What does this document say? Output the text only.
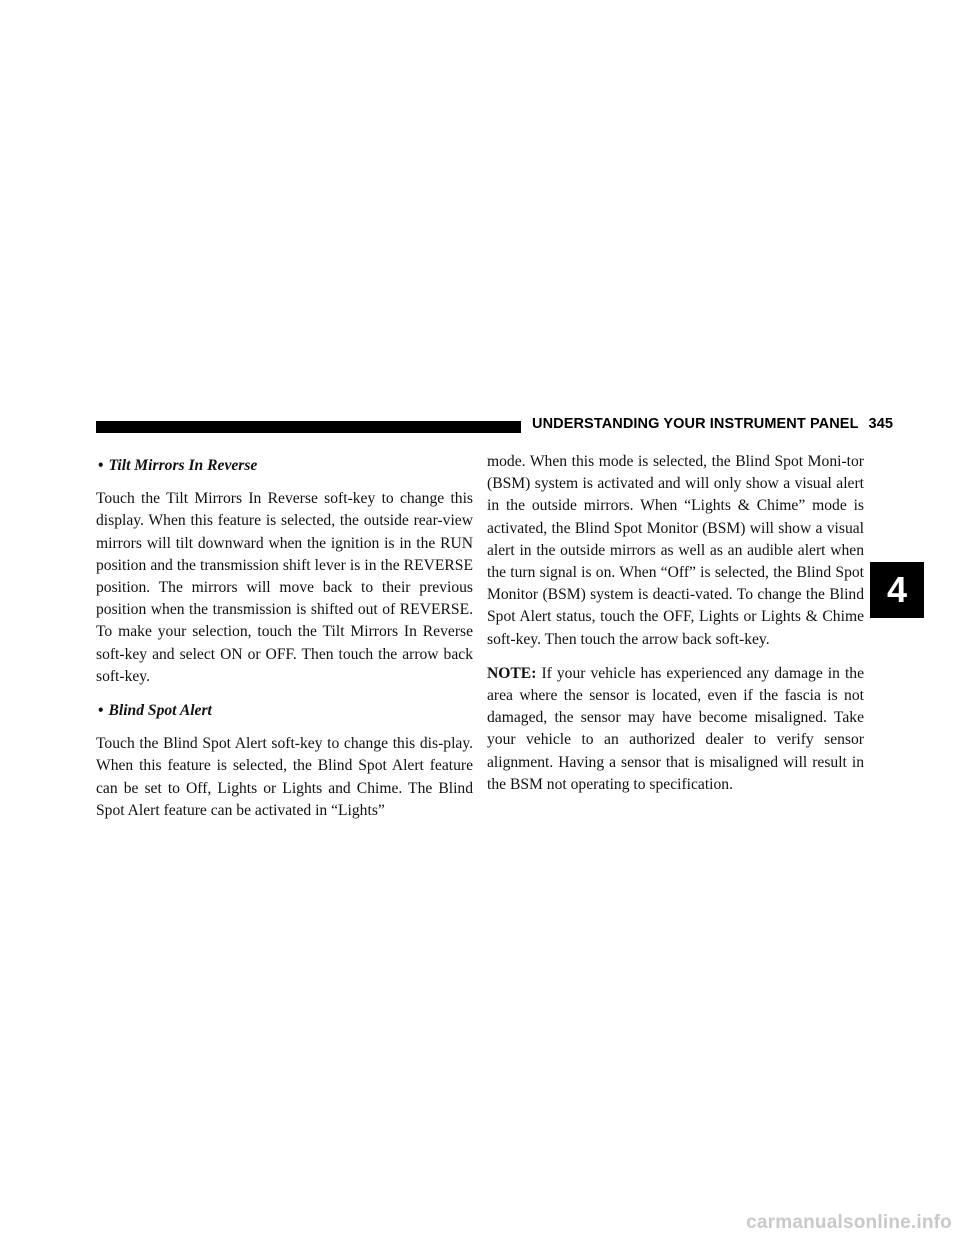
UNDERSTANDING YOUR INSTRUMENT PANEL 345
• Tilt Mirrors In Reverse

Touch the Tilt Mirrors In Reverse soft-key to change this display. When this feature is selected, the outside rear-view mirrors will tilt downward when the ignition is in the RUN position and the transmission shift lever is in the REVERSE position. The mirrors will move back to their previous position when the transmission is shifted out of REVERSE. To make your selection, touch the Tilt Mirrors In Reverse soft-key and select ON or OFF. Then touch the arrow back soft-key.

• Blind Spot Alert

Touch the Blind Spot Alert soft-key to change this dis-play. When this feature is selected, the Blind Spot Alert feature can be set to Off, Lights or Lights and Chime. The Blind Spot Alert feature can be activated in “Lights”

mode. When this mode is selected, the Blind Spot Moni-tor (BSM) system is activated and will only show a visual alert in the outside mirrors. When “Lights & Chime” mode is activated, the Blind Spot Monitor (BSM) will show a visual alert in the outside mirrors as well as an audible alert when the turn signal is on. When “Off” is selected, the Blind Spot Monitor (BSM) system is deacti-vated. To change the Blind Spot Alert status, touch the OFF, Lights or Lights & Chime soft-key. Then touch the arrow back soft-key.

NOTE: If your vehicle has experienced any damage in the area where the sensor is located, even if the fascia is not damaged, the sensor may have become misaligned. Take your vehicle to an authorized dealer to verify sensor alignment. Having a sensor that is misaligned will result in the BSM not operating to specification.

4
carmanualsonline.info
